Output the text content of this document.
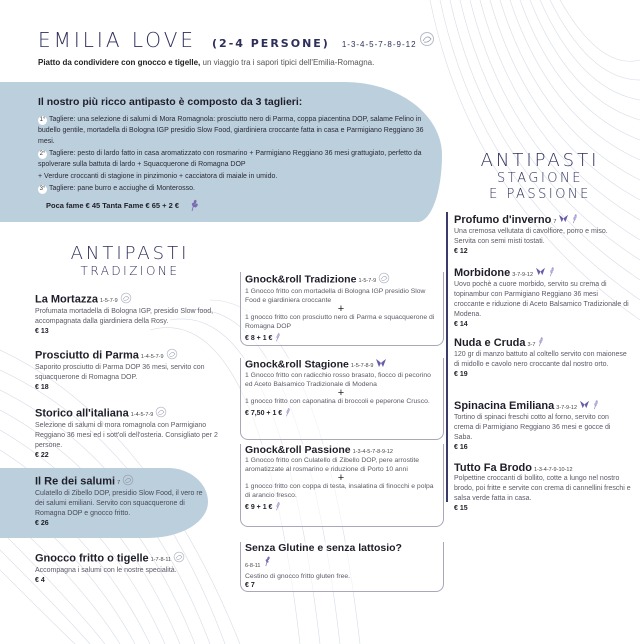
EMILIA LOVE (2-4 PERSONE) 1-3-4-5-7-8-9-12
Piatto da condividere con gnocco e tigelle, un viaggio tra i sapori tipici dell'Emilia-Romagna.
Il nostro più ricco antipasto è composto da 3 taglieri:

1° Tagliere: una selezione di salumi di Mora Romagnola: prosciutto nero di Parma, coppa piacentina DOP, salame Felino in budello gentile, mortadella di Bologna IGP presidio Slow Food, giardiniera croccante fatta in casa e Parmigiano Reggiano 36 mesi.

2° Tagliere: pesto di lardo fatto in casa aromatizzato con rosmarino + Parmigiano Reggiano 36 mesi grattugiato, perfetto da spolverare sulla battuta di lardo + Squacquerone di Romagna DOP

+ Verdure croccanti di stagione in pinzimonio + cacciatora di maiale in umido.

3° Tagliere: pane burro e acciughe di Monterosso.

Poca fame € 45 Tanta Fame € 65 + 2 €
ANTIPASTI
TRADIZIONE
La Mortazza 1-5-7-9
Profumata mortadella di Bologna IGP, presidio Slow food, accompagnata dalla giardiniera della Rosy.
€ 13
Prosciutto di Parma 1-4-5-7-9
Saporito prosciutto di Parma DOP 36 mesi, servito con squacquerone di Romagna DOP.
€ 18
Storico all'italiana 1-4-5-7-9
Selezione di salumi di mora romagnola con Parmigiano Reggiano 36 mesi ed i sott'oli dell'osteria. Consigliato per 2 persone.
€ 22
Il Re dei salumi 7
Culatello di Zibello DOP, presidio Slow Food, il vero re dei salumi emiliani. Servito con squacquerone di Romagna DOP e gnocco fritto.
€ 26
Gnocco fritto o tigelle 1-7-8-11
Accompagna i salumi con le nostre specialità.
€ 4
Gnock&roll Tradizione 1-5-7-9
1 Gnocco fritto con mortadella di Bologna IGP presidio Slow Food e giardiniera croccante
+
1 gnocco fritto con prosciutto nero di Parma e squacquerone di Romagna DOP
€ 8 + 1 €
Gnock&roll Stagione 1-5-7-8-9
1 Gnocco fritto con radicchio rosso brasato, fiocco di pecorino ed Aceto Balsamico Tradizionale di Modena
+
1 gnocco fritto con caponatina di broccoli e peperone Crusco.
€ 7,50 + 1 €
Gnock&roll Passione 1-3-4-5-7-8-9-12
1 Gnocco fritto con Culatello di Zibello DOP, pere arrostite aromatizzate al rosmarino e riduzione di Porto 10 anni
+
1 gnocco fritto con coppa di testa, insalatina di finocchi e polpa di arancio fresco.
€ 9 + 1 €
Senza Glutine e senza lattosio?
6-8-11
Cestino di gnocco fritto gluten free.
€ 7
ANTIPASTI
STAGIONE
E PASSIONE
Profumo d'inverno 7
Una cremosa vellutata di cavolfiore, porro e miso. Servita con semi misti tostati.
€ 12
Morbidone 3-7-9-12
Uovo pochè a cuore morbido, servito su crema di topinambur con Parmigiano Reggiano 36 mesi croccante e riduzione di Aceto Balsamico Tradizionale di Modena.
€ 14
Nuda e Cruda 3-7
120 gr di manzo battuto al coltello servito con maionese di midollo e cavolo nero croccante dal nostro orto.
€ 19
Spinacina Emiliana 3-7-9-12
Tortino di spinaci freschi cotto al forno, servito con crema di Parmigiano Reggiano 36 mesi e gocce di Saba.
€ 16
Tutto Fa Brodo 1-3-4-7-9-10-12
Polpettine croccanti di bollito, cotte a lungo nel nostro brodo, poi fritte e servite con crema di cannellini freschi e salsa verde fatta in casa.
€ 15
